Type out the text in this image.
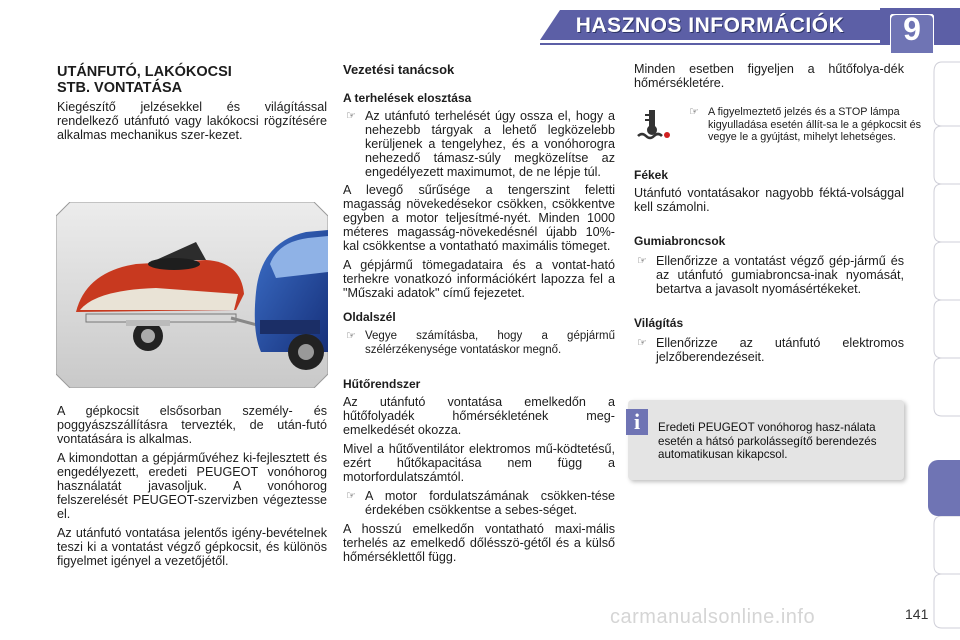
HASZNOS INFORMÁCIÓK	9
UTÁNFUTÓ, LAKÓKOCSI
STB. VONTATÁSA
Kiegészítő jelzésekkel és világítással rendelkező utánfutó vagy lakókocsi rögzítésére alkalmas mechanikus szer-kezet.

A gépkocsit elsősorban személy- és poggyászszállításra tervezték, de után-futó vontatására is alkalmas.

A kimondottan a gépjárművéhez ki-fejlesztett és engedélyezett, eredeti PEUGEOT vonóhorog használatát javasoljuk. A vonóhorog felszerelését PEUGEOT-szervizben végeztesse el.

Az utánfutó vontatása jelentős igény-bevételnek teszi ki a vontatást végző gépkocsit, és különös figyelmet igényel a vezetőjétől.

Vezetési tanácsok
A terhelések elosztása
☞ Az utánfutó terhelését úgy ossza el, hogy a nehezebb tárgyak a lehető legközelebb kerüljenek a tengelyhez, és a vonóhorogra nehezedő támasz-súly megközelítse az engedélyezett maximumot, de ne lépje túl.

A levegő sűrűsége a tengerszint feletti magasság növekedésekor csökken, csökkentve egyben a motor teljesítmé-nyét. Minden 1000 méteres magasság-növekedésnél újabb 10%-kal csökkentse a vontatható maximális tömeget.

A gépjármű tömegadataira és a vontat-ható terhekre vonatkozó információkért lapozza fel a "Műszaki adatok" című fejezetet.

Oldalszél
☞ Vegye számításba, hogy a gépjármű szélérzékenysége vontatáskor megnő.
Hűtőrendszer

Az utánfutó vontatása emelkedőn a hűtőfolyadék hőmérsékletének meg-emelkedését okozza.

Mivel a hűtőventilátor elektromos mű-ködtetésű, ezért hűtőkapacitása nem függ a motorfordulatszámtól.

☞ A motor fordulatszámának csökken-tése érdekében csökkentse a sebes-séget.
A hosszú emelkedőn vontatható maxi-mális terhelés az emelkedő dőlésszö-gétől és a külső hőmérséklettől függ.
Minden esetben figyeljen a hűtőfolya-dék hőmérsékletére.
☞ A figyelmeztető jelzés és a STOP lámpa kigyulladása esetén állít-sa le a gépkocsit és vegye le a gyújtást, mihelyt lehetséges.
Fékek
Utánfutó vontatásakor nagyobb féktá-volsággal kell számolni.
Gumiabroncsok
☞ Ellenőrizze a vontatást végző gép-jármű és az utánfutó gumiabroncsa-inak nyomását, betartva a javasolt nyomásértékeket.
Világítás
☞ Ellenőrizze az utánfutó elektromos jelzőberendezéseit.
i	Eredeti PEUGEOT vonóhorog hasz-nálata esetén a hátsó parkolássegítő berendezés automatikusan kikapcsol.
carmanualsonline.info	141
